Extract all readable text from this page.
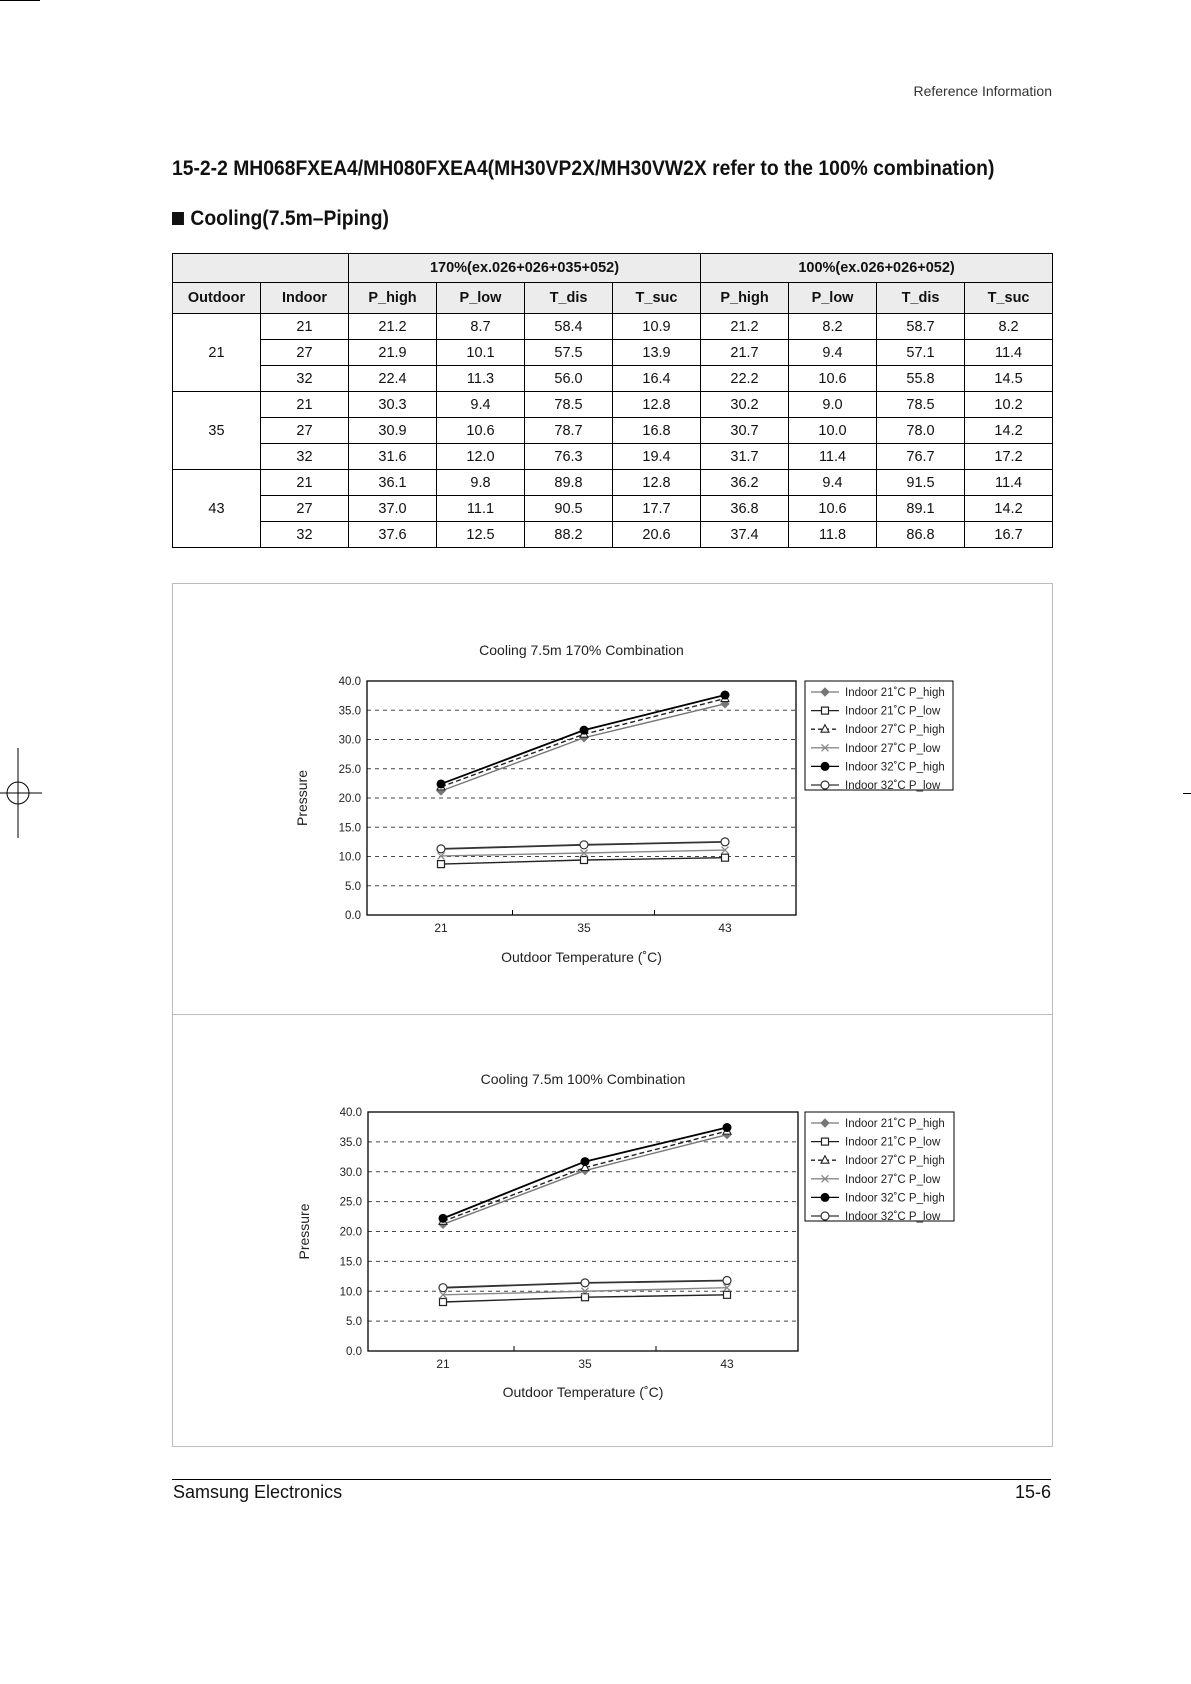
Reference Information
15-2-2 MH068FXEA4/MH080FXEA4(MH30VP2X/MH30VW2X refer to the 100% combination)
Cooling(7.5m–Piping)
		170%(ex.026+026+035+052)				100%(ex.026+026+052)			
Outdoor	Indoor	P_high	P_low	T_dis	T_suc	P_high	P_low	T_dis	T_suc
21	21	21.2	8.7	58.4	10.9	21.2	8.2	58.7	8.2
	27	21.9	10.1	57.5	13.9	21.7	9.4	57.1	11.4
	32	22.4	11.3	56.0	16.4	22.2	10.6	55.8	14.5
35	21	30.3	9.4	78.5	12.8	30.2	9.0	78.5	10.2
	27	30.9	10.6	78.7	16.8	30.7	10.0	78.0	14.2
	32	31.6	12.0	76.3	19.4	31.7	11.4	76.7	17.2
43	21	36.1	9.8	89.8	12.8	36.2	9.4	91.5	11.4
	27	37.0	11.1	90.5	17.7	36.8	10.6	89.1	14.2
	32	37.6	12.5	88.2	20.6	37.4	11.8	86.8	16.7
Cooling 7.5m 170% Combination
0.0
5.0
10.0
15.0
20.0
25.0
30.0
35.0
40.0
21	35	43
Outdoor Temperature (˚C)
Pressure
Indoor 21˚C P_high
Indoor 21˚C P_low
Indoor 27˚C P_high
Indoor 27˚C P_low
Indoor 32˚C P_high
Indoor 32˚C P_low
Cooling 7.5m 100% Combination
0.0
5.0
10.0
15.0
20.0
25.0
30.0
35.0
40.0
21	35	43
Outdoor Temperature (˚C)
Pressure
Indoor 21˚C P_high
Indoor 21˚C P_low
Indoor 27˚C P_high
Indoor 27˚C P_low
Indoor 32˚C P_high
Indoor 32˚C P_low
Samsung Electronics	15-6
